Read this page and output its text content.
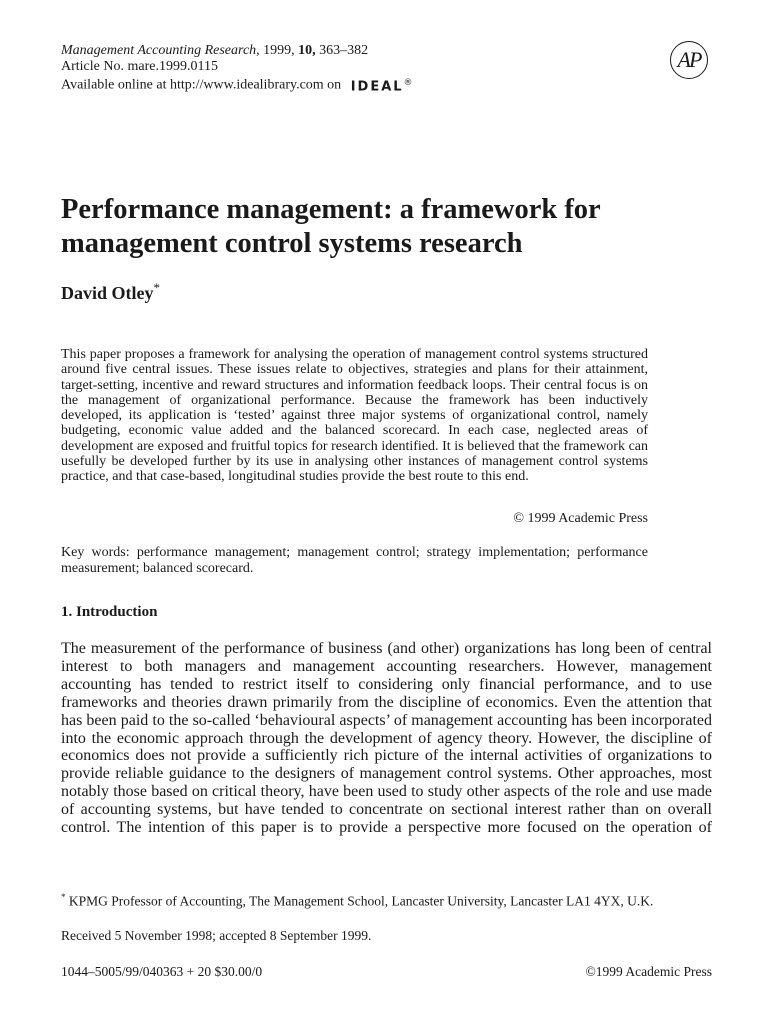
Management Accounting Research, 1999, 10, 363–382
Article No. mare.1999.0115
Available online at http://www.idealibrary.com on IDEAL®
AP
Performance management: a framework for management control systems research
David Otley*

This paper proposes a framework for analysing the operation of management control systems structured around five central issues. These issues relate to objectives, strategies and plans for their attainment, target-setting, incentive and reward structures and information feedback loops. Their central focus is on the management of organizational performance. Because the framework has been inductively developed, its application is ‘tested’ against three major systems of organizational control, namely budgeting, economic value added and the balanced scorecard. In each case, neglected areas of development are exposed and fruitful topics for research identified. It is believed that the framework can usefully be developed further by its use in analysing other instances of management control systems practice, and that case-based, longitudinal studies provide the best route to this end.

© 1999 Academic Press

Key words: performance management; management control; strategy implementation; performance measurement; balanced scorecard.

1. Introduction

The measurement of the performance of business (and other) organizations has long been of central interest to both managers and management accounting researchers. However, management accounting has tended to restrict itself to considering only financial performance, and to use frameworks and theories drawn primarily from the discipline of economics. Even the attention that has been paid to the so-called ‘behavioural aspects’ of management accounting has been incorporated into the economic approach through the development of agency theory. However, the discipline of economics does not provide a sufficiently rich picture of the internal activities of organizations to provide reliable guidance to the designers of management control systems. Other approaches, most notably those based on critical theory, have been used to study other aspects of the role and use made of accounting systems, but have tended to concentrate on sectional interest rather than on overall control. The intention of this paper is to provide a perspective more focused on the operation of

* KPMG Professor of Accounting, The Management School, Lancaster University, Lancaster LA1 4YX, U.K.

Received 5 November 1998; accepted 8 September 1999.
1044–5005/99/040363 + 20 $30.00/0	©1999 Academic Press
